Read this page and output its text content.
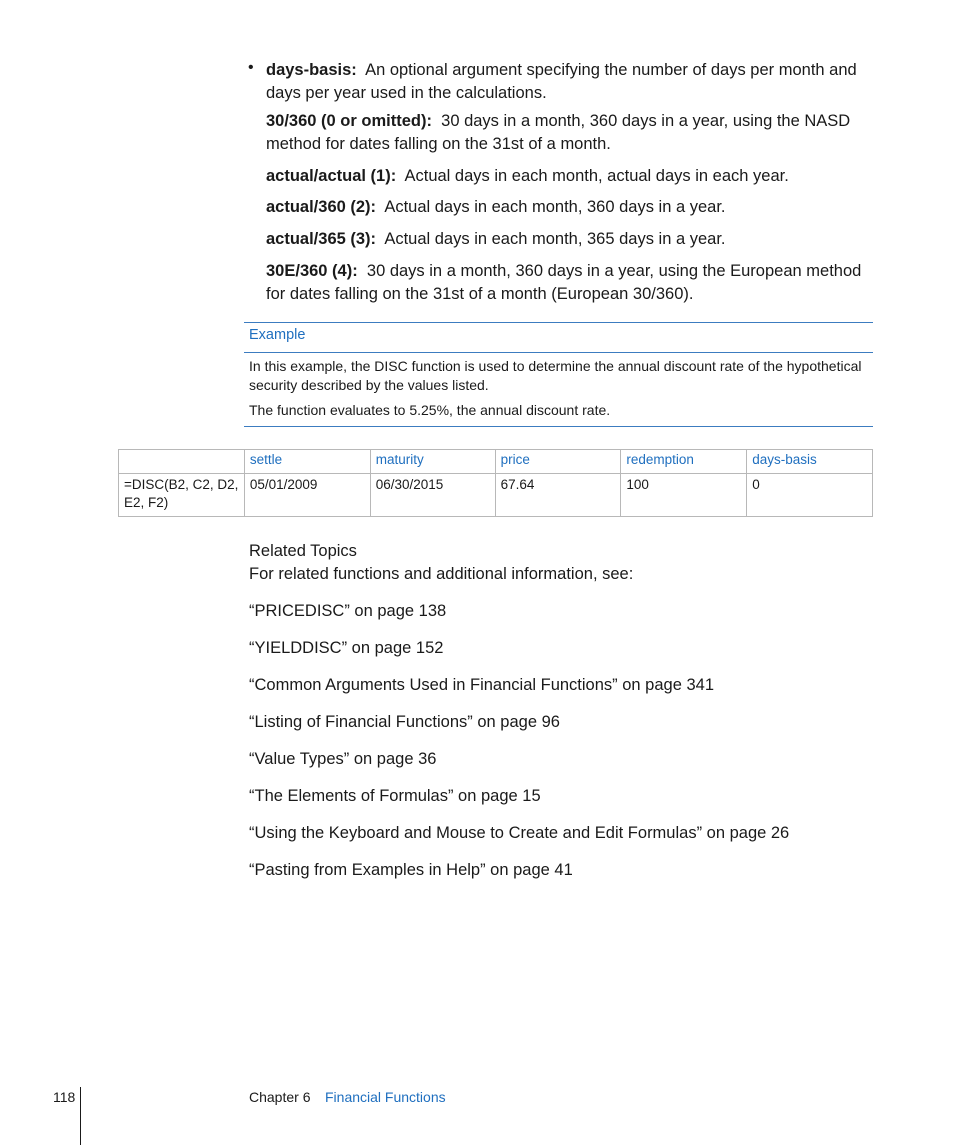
• days-basis: An optional argument specifying the number of days per month and days per year used in the calculations.
30/360 (0 or omitted): 30 days in a month, 360 days in a year, using the NASD method for dates falling on the 31st of a month.
actual/actual (1): Actual days in each month, actual days in each year.
actual/360 (2): Actual days in each month, 360 days in a year.
actual/365 (3): Actual days in each month, 365 days in a year.
30E/360 (4): 30 days in a month, 360 days in a year, using the European method for dates falling on the 31st of a month (European 30/360).
Example
In this example, the DISC function is used to determine the annual discount rate of the hypothetical security described by the values listed.
The function evaluates to 5.25%, the annual discount rate.
	settle	maturity	price	redemption	days-basis
=DISC(B2, C2, D2, E2, F2)	05/01/2009	06/30/2015	67.64	100	0
Related Topics
For related functions and additional information, see:
“PRICEDISC” on page 138
“YIELDDISC” on page 152
“Common Arguments Used in Financial Functions” on page 341
“Listing of Financial Functions” on page 96
“Value Types” on page 36
“The Elements of Formulas” on page 15
“Using the Keyboard and Mouse to Create and Edit Formulas” on page 26
“Pasting from Examples in Help” on page 41
118	Chapter 6 Financial Functions
